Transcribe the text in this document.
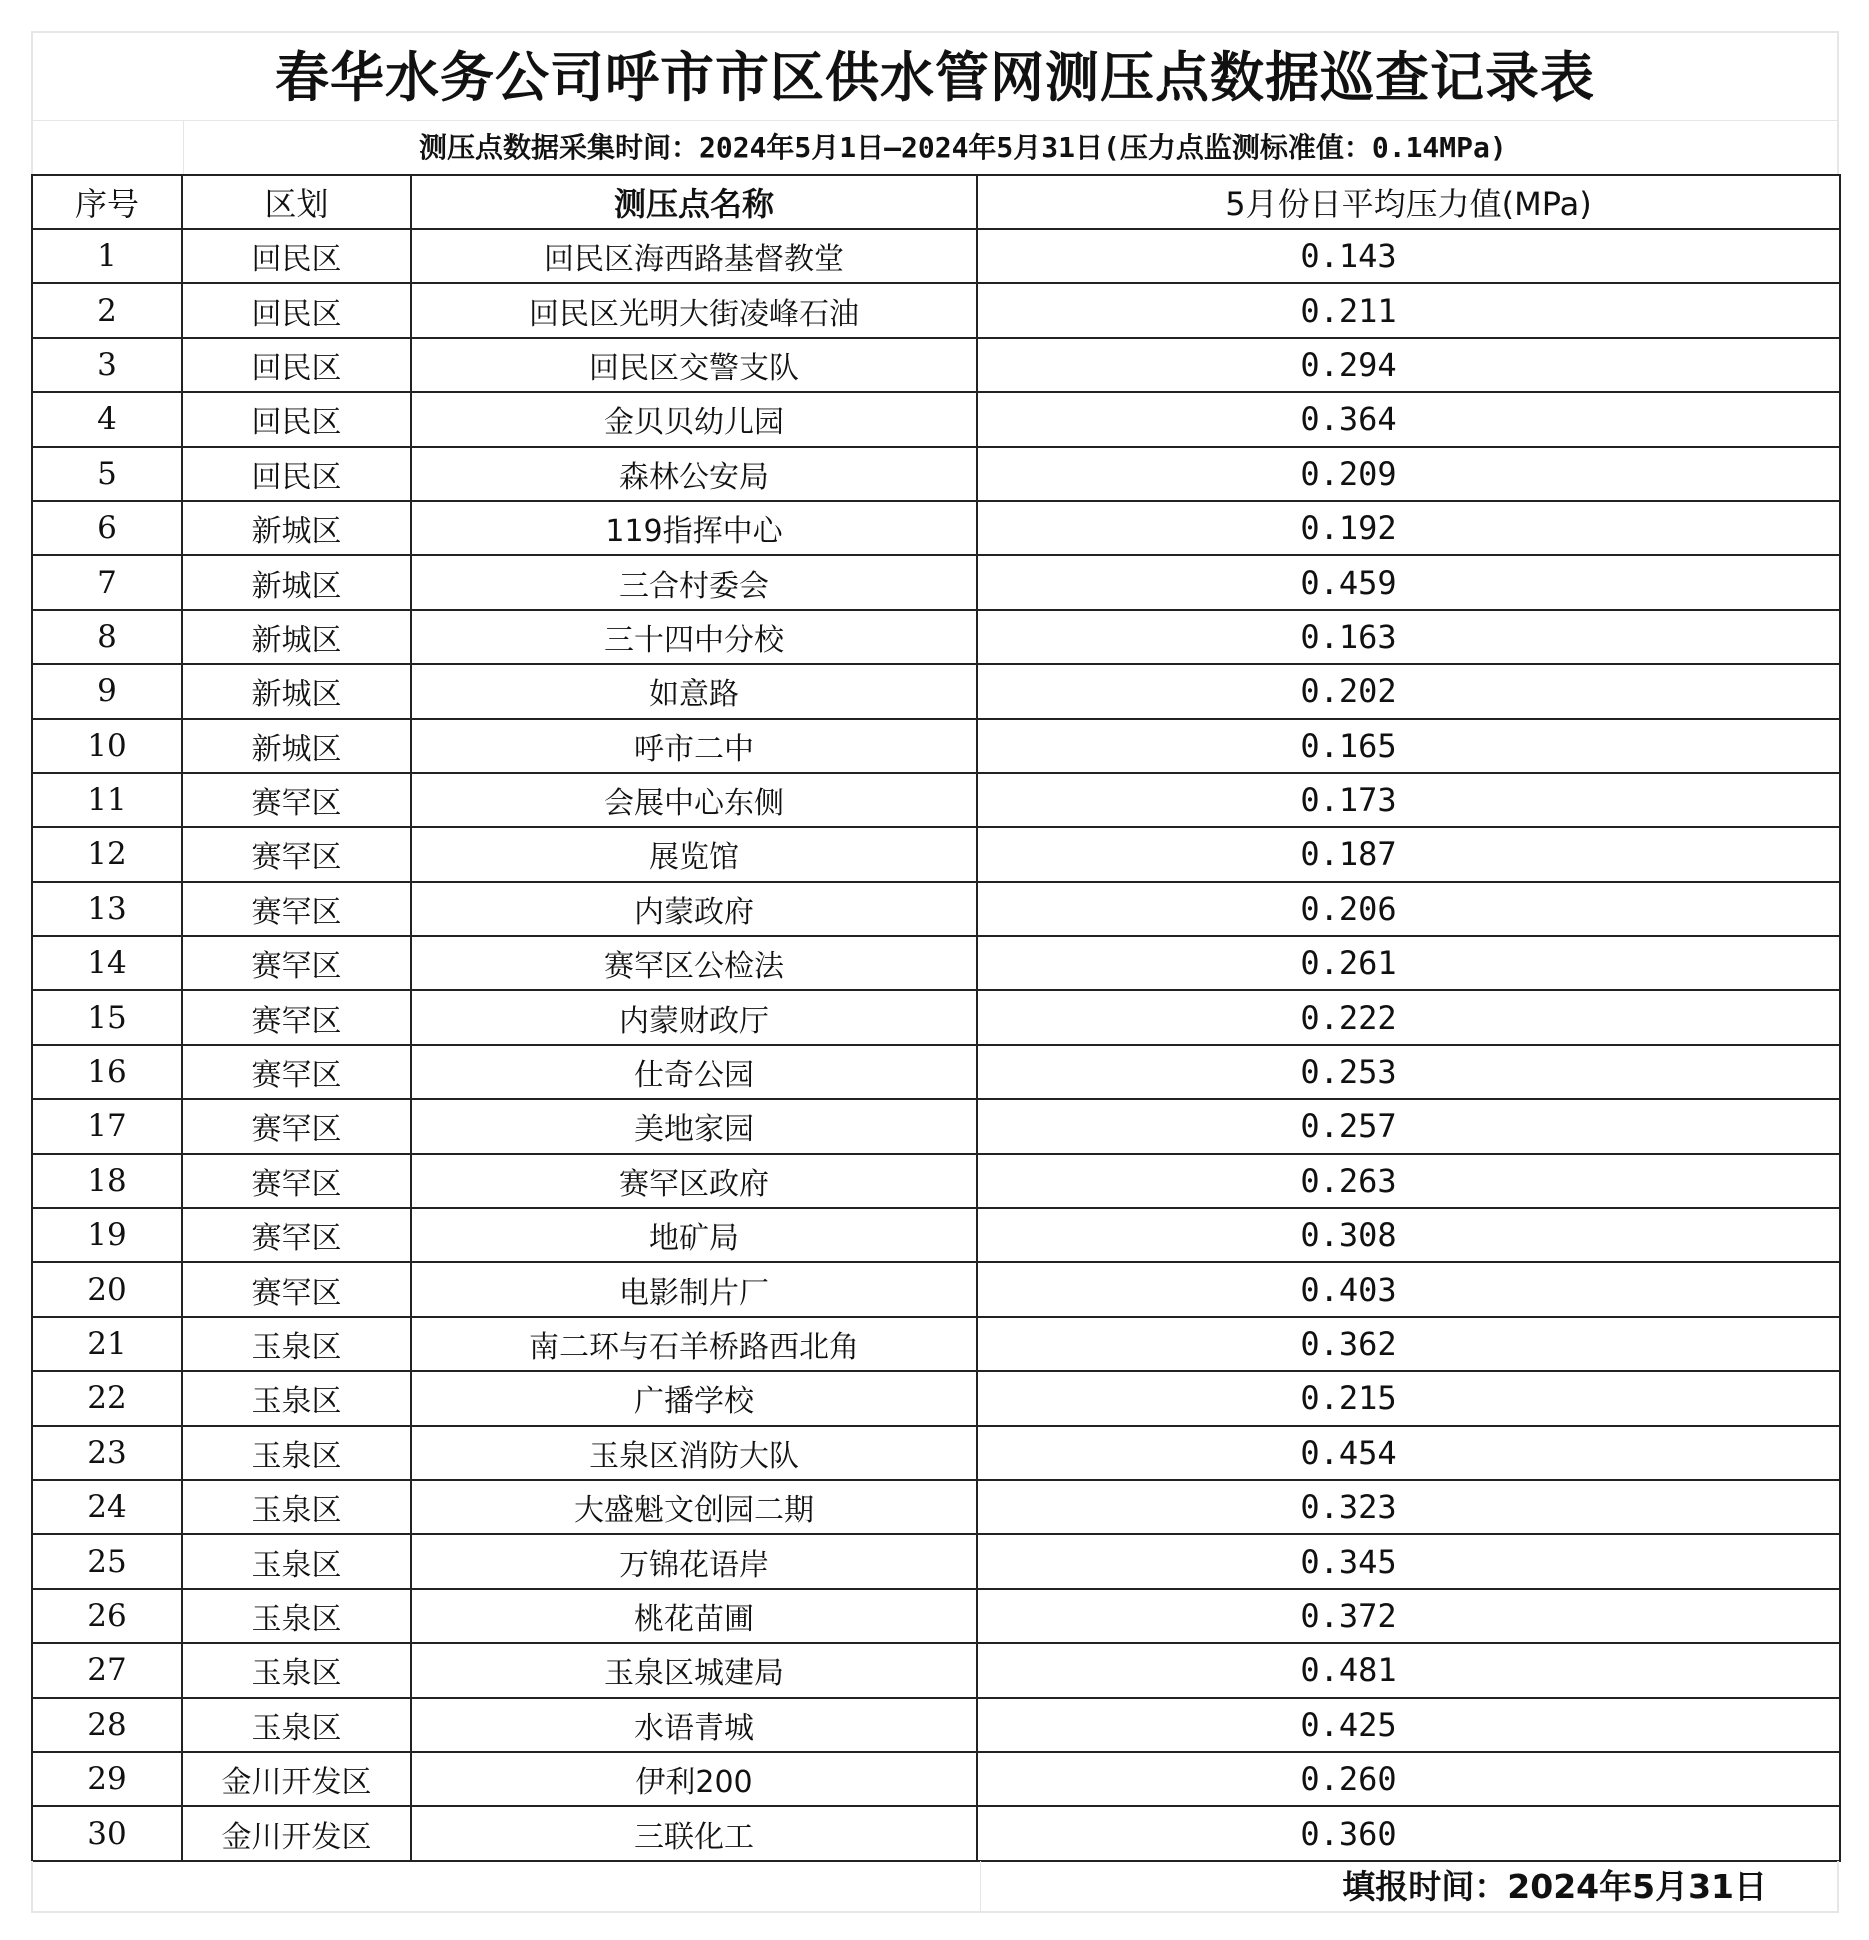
春华水务公司呼市市区供水管网测压点数据巡查记录表
测压点数据采集时间：2024年5月1日—2024年5月31日(压力点监测标准值：0.14MPa)
序号	区划	测压点名称	5月份日平均压力值(MPa)
1	回民区	回民区海西路基督教堂	0.143
2	回民区	回民区光明大街凌峰石油	0.211
3	回民区	回民区交警支队	0.294
4	回民区	金贝贝幼儿园	0.364
5	回民区	森林公安局	0.209
6	新城区	119指挥中心	0.192
7	新城区	三合村委会	0.459
8	新城区	三十四中分校	0.163
9	新城区	如意路	0.202
10	新城区	呼市二中	0.165
11	赛罕区	会展中心东侧	0.173
12	赛罕区	展览馆	0.187
13	赛罕区	内蒙政府	0.206
14	赛罕区	赛罕区公检法	0.261
15	赛罕区	内蒙财政厅	0.222
16	赛罕区	仕奇公园	0.253
17	赛罕区	美地家园	0.257
18	赛罕区	赛罕区政府	0.263
19	赛罕区	地矿局	0.308
20	赛罕区	电影制片厂	0.403
21	玉泉区	南二环与石羊桥路西北角	0.362
22	玉泉区	广播学校	0.215
23	玉泉区	玉泉区消防大队	0.454
24	玉泉区	大盛魁文创园二期	0.323
25	玉泉区	万锦花语岸	0.345
26	玉泉区	桃花苗圃	0.372
27	玉泉区	玉泉区城建局	0.481
28	玉泉区	水语青城	0.425
29	金川开发区	伊利200	0.260
30	金川开发区	三联化工	0.360
填报时间：2024年5月31日
